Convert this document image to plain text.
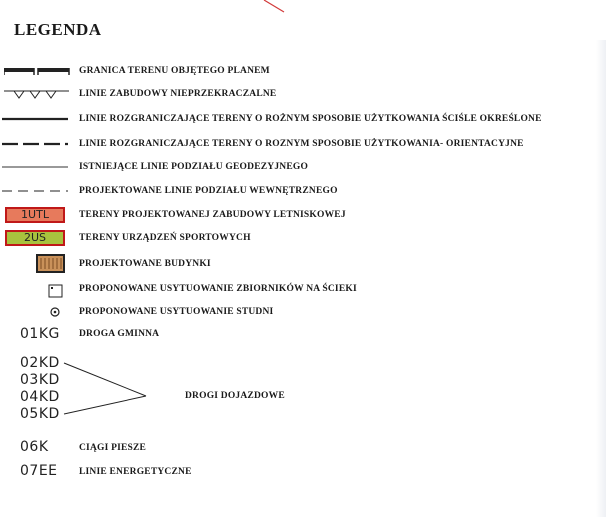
LEGENDA
GRANICA TERENU OBJĘTEGO PLANEM
LINIE ZABUDOWY NIEPRZEKRACZALNE
LINIE ROZGRANICZAJĄCE TERENY O ROŻNYM SPOSOBIE UŻYTKOWANIA ŚCIŚLE OKREŚLONE
LINIE ROZGRANICZAJĄCE TERENY O ROZNYM SPOSOBIE UŻYTKOWANIA- ORIENTACYJNE
ISTNIEJĄCE LINIE PODZIAŁU GEODEZYJNEGO
PROJEKTOWANE LINIE PODZIAŁU WEWNĘTRZNEGO
1UTL	TERENY PROJEKTOWANEJ ZABUDOWY LETNISKOWEJ
2US	TERENY URZĄDZEŃ SPORTOWYCH
PROJEKTOWANE BUDYNKI
PROPONOWANE USYTUOWANIE ZBIORNIKÓW NA ŚCIEKI
PROPONOWANE USYTUOWANIE STUDNI
01KG DROGA GMINNA
02KD
03KD
04KD
05KD
DROGI DOJAZDOWE
06K	CIĄGI PIESZE
07EE LINIE ENERGETYCZNE
